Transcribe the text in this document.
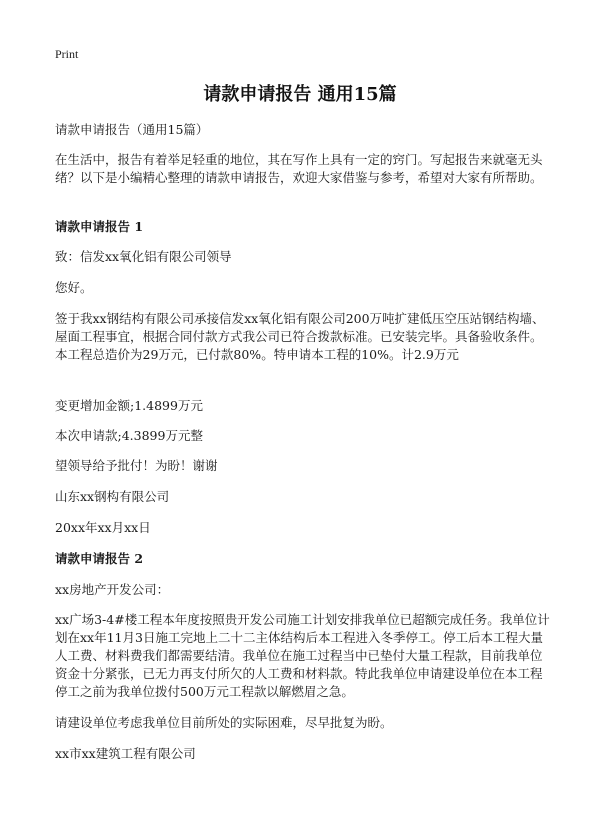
Print
请款申请报告 通用15篇

请款申请报告（通用15篇）

在生活中，报告有着举足轻重的地位，其在写作上具有一定的窍门。写起报告来就毫无头绪？以下是小编精心整理的请款申请报告，欢迎大家借鉴与参考，希望对大家有所帮助。

请款申请报告 1

致：信发xx氧化铝有限公司领导

您好。

签于我xx钢结构有限公司承接信发xx氧化铝有限公司200万吨扩建低压空压站钢结构墙、屋面工程事宜，根据合同付款方式我公司已符合拨款标准。已安装完毕。具备验收条件。本工程总造价为29万元，已付款80%。特申请本工程的10%。计2.9万元

变更增加金额;1.4899万元

本次申请款;4.3899万元整

望领导给予批付！为盼！谢谢

山东xx钢构有限公司

20xx年xx月xx日

请款申请报告 2

xx房地产开发公司：

xx广场3-4#楼工程本年度按照贵开发公司施工计划安排我单位已超额完成任务。我单位计划在xx年11月3日施工完地上二十二主体结构后本工程进入冬季停工。停工后本工程大量人工费、材料费我们都需要结清。我单位在施工过程当中已垫付大量工程款，目前我单位资金十分紧张，已无力再支付所欠的人工费和材料款。特此我单位申请建设单位在本工程停工之前为我单位拨付500万元工程款以解燃眉之急。

请建设单位考虑我单位目前所处的实际困难，尽早批复为盼。

xx市xx建筑工程有限公司
